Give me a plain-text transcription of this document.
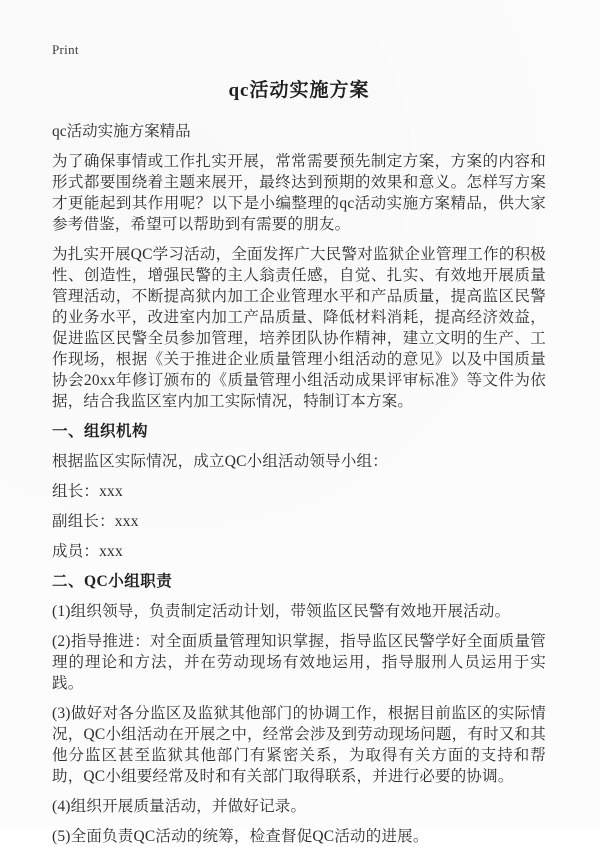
Print
qc活动实施方案
qc活动实施方案精品
为了确保事情或工作扎实开展，常常需要预先制定方案，方案的内容和形式都要围绕着主题来展开，最终达到预期的效果和意义。怎样写方案才更能起到其作用呢？以下是小编整理的qc活动实施方案精品，供大家参考借鉴，希望可以帮助到有需要的朋友。
为扎实开展QC学习活动，全面发挥广大民警对监狱企业管理工作的积极性、创造性，增强民警的主人翁责任感，自觉、扎实、有效地开展质量管理活动，不断提高狱内加工企业管理水平和产品质量，提高监区民警的业务水平，改进室内加工产品质量、降低材料消耗，提高经济效益，促进监区民警全员参加管理，培养团队协作精神，建立文明的生产、工作现场，根据《关于推进企业质量管理小组活动的意见》以及中国质量协会20xx年修订颁布的《质量管理小组活动成果评审标准》等文件为依据，结合我监区室内加工实际情况，特制订本方案。
一、组织机构
根据监区实际情况，成立QC小组活动领导小组：
组长：xxx
副组长：xxx
成员：xxx
二、QC小组职责
(1)组织领导，负责制定活动计划，带领监区民警有效地开展活动。
(2)指导推进：对全面质量管理知识掌握，指导监区民警学好全面质量管理的理论和方法，并在劳动现场有效地运用，指导服刑人员运用于实践。
(3)做好对各分监区及监狱其他部门的协调工作，根据目前监区的实际情况，QC小组活动在开展之中，经常会涉及到劳动现场问题，有时又和其他分监区甚至监狱其他部门有紧密关系，为取得有关方面的支持和帮助，QC小组要经常及时和有关部门取得联系，并进行必要的协调。
(4)组织开展质量活动，并做好记录。
(5)全面负责QC活动的统筹，检查督促QC活动的进展。
